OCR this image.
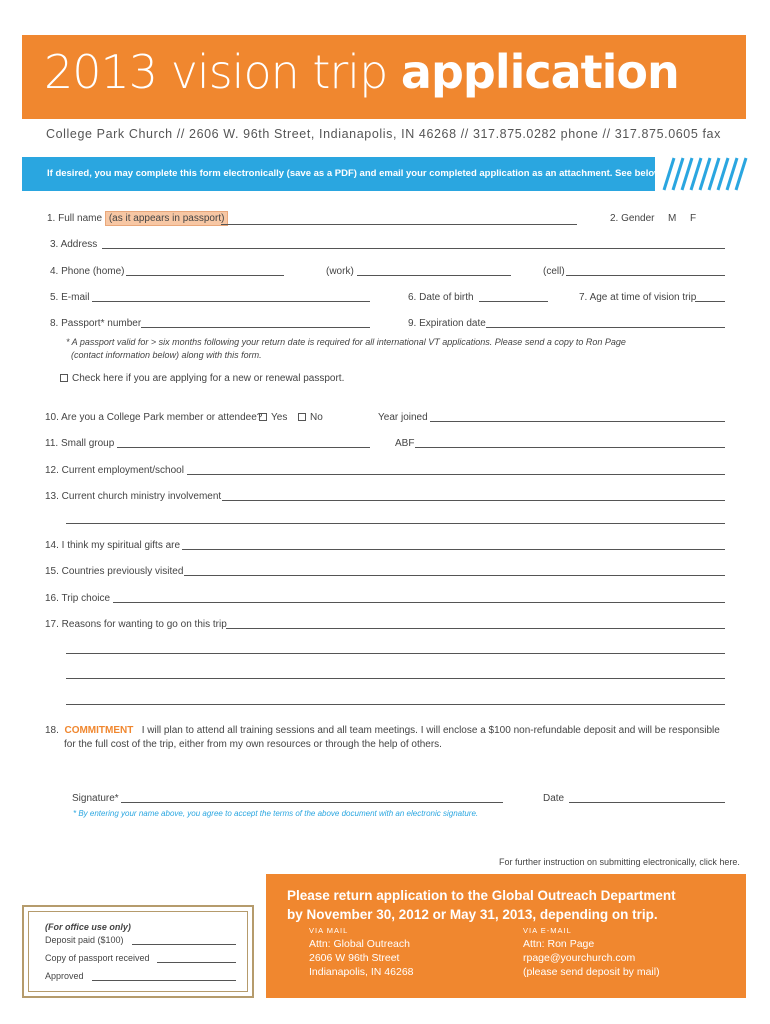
2013 vision trip application
College Park Church // 2606 W. 96th Street, Indianapolis, IN 46268 // 317.875.0282 phone // 317.875.0605 fax
If desired, you may complete this form electronically (save as a PDF) and email your completed application as an attachment. See below.
1. Full name (as it appears in passport)	2. Gender M F
3. Address
4. Phone (home)	(work)	(cell)
5. E-mail	6. Date of birth	7. Age at time of vision trip
8. Passport* number	9. Expiration date
* A passport valid for > six months following your return date is required for all international VT applications. Please send a copy to Ron Page
(contact information below) along with this form.
Check here if you are applying for a new or renewal passport.
10. Are you a College Park member or attendee? Yes	No	Year joined
11. Small group	ABF
12. Current employment/school
13. Current church ministry involvement
14. I think my spiritual gifts are
15. Countries previously visited
16. Trip choice
17. Reasons for wanting to go on this trip
18. COMMITMENT I will plan to attend all training sessions and all team meetings. I will enclose a $100 non-refundable deposit and will be responsible
for the full cost of the trip, either from my own resources or through the help of others.
Signature*	Date
* By entering your name above, you agree to accept the terms of the above document with an electronic signature.
For further instruction on submitting electronically, click here.
(For office use only)
Deposit paid ($100)
Copy of passport received
Approved
Please return application to the Global Outreach Department
by November 30, 2012 or May 31, 2013, depending on trip.
VIA MAIL
Attn: Global Outreach
2606 W 96th Street
Indianapolis, IN 46268
VIA E-MAIL
Attn: Ron Page
rpage@yourchurch.com
(please send deposit by mail)
